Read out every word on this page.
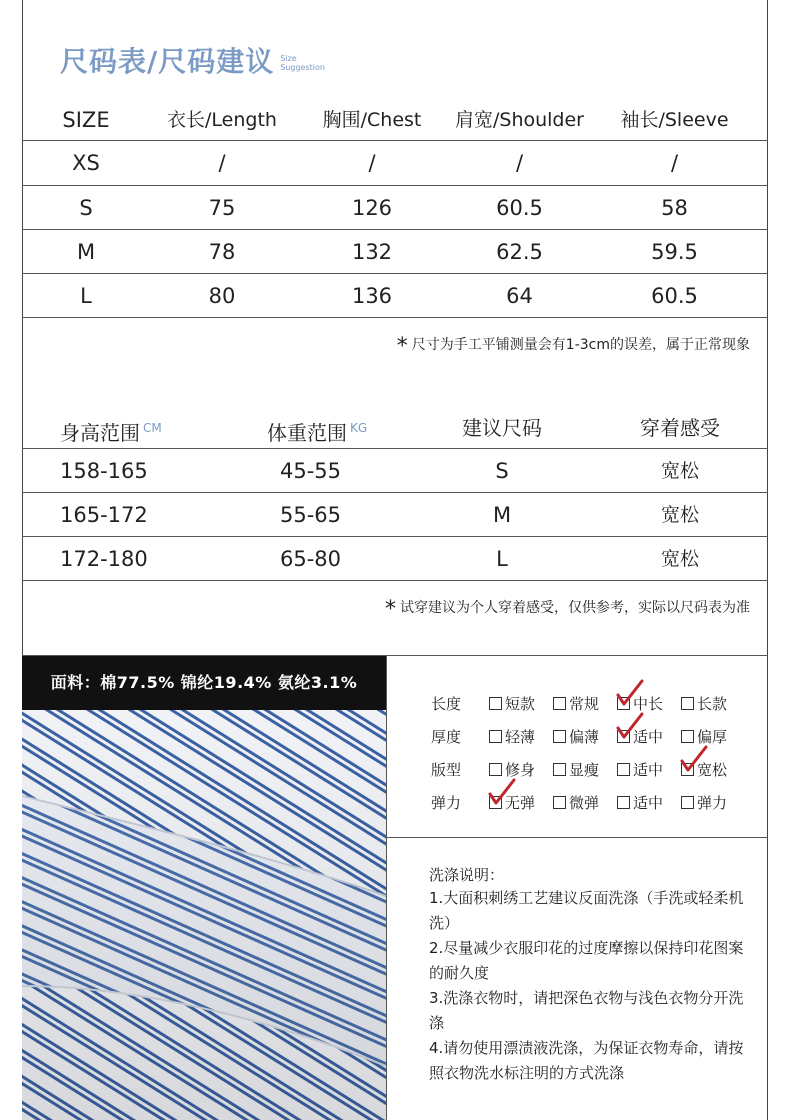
尺码表/尺码建议 Size
Suggestion
SIZE	衣长/Length	胸围/Chest	肩宽/Shoulder	袖长/Sleeve
XS	/	/	/	/
S	75	126	60.5	58
M	78	132	62.5	59.5
L	80	136	64	60.5
* 尺寸为手工平铺测量会有1-3cm的误差，属于正常现象
身高范围 $^{CM}$	体重范围 $^{KG}$	建议尺码	穿着感受
158-165	45-55	S	宽松
165-172	55-65	M	宽松
172-180	65-80	L	宽松
* 试穿建议为个人穿着感受，仅供参考，实际以尺码表为准
面料：棉77.5% 锦纶19.4% 氨纶3.1%
长度	短款 常规 中长 长款
厚度	轻薄 偏薄 适中 偏厚
版型	修身 显瘦 适中 宽松
弹力	无弹 微弹 适中 弹力
洗涤说明：
1.大面积刺绣工艺建议反面洗涤（手洗或轻柔机洗）
2.尽量减少衣服印花的过度摩擦以保持印花图案的耐久度
3.洗涤衣物时，请把深色衣物与浅色衣物分开洗涤
4.请勿使用漂渍液洗涤，为保证衣物寿命，请按照衣物洗水标注明的方式洗涤
